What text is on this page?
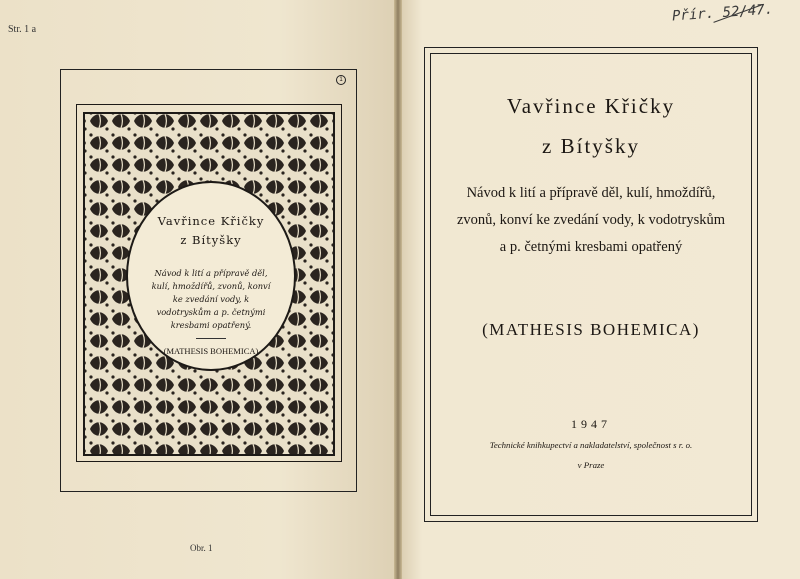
Str. 1 a
1
Vavřince Křičky
z Bítyšky
Návod k lití a přípravě děl, kulí, hmoždířů, zvonů, konví ke zvedání vody, k vodotryskům a p. četnými kresbami opatřený.
(MATHESIS BOHEMICA)
Obr. 1
Přír. 52/47.
Vavřince Křičky
z Bítyšky
Návod k lití a přípravě děl, kulí, hmoždířů, zvonů, konví ke zvedání vody, k vodotryskům a p. četnými kresbami opatřený
(MATHESIS BOHEMICA)
1947
Technické knihkupectví a nakladatelství, společnost s r. o.
v Praze
